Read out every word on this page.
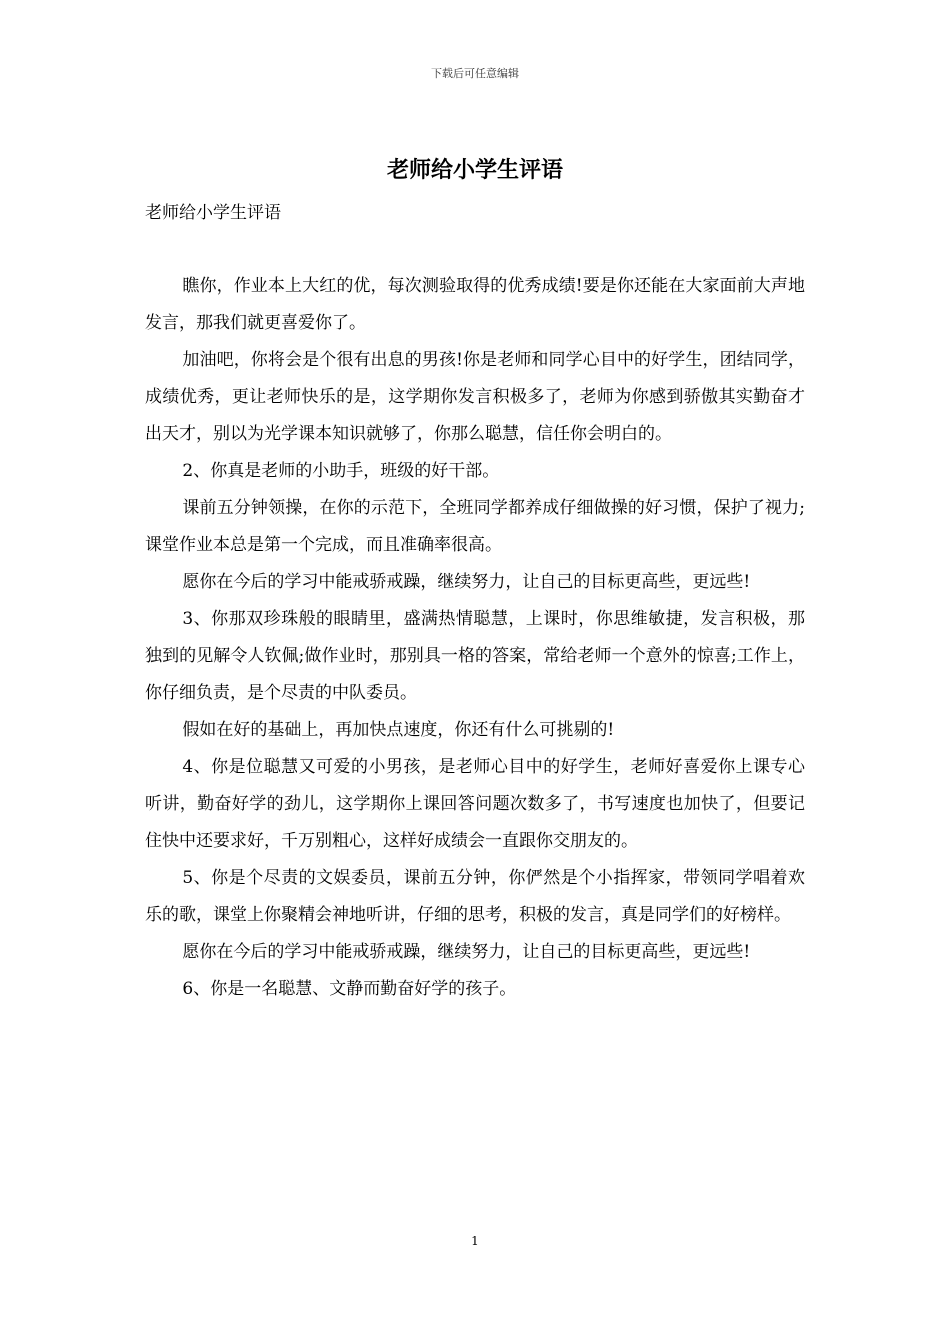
下载后可任意编辑
老师给小学生评语

老师给小学生评语

瞧你，作业本上大红的优，每次测验取得的优秀成绩!要是你还能在大家面前大声地发言，那我们就更喜爱你了。

加油吧，你将会是个很有出息的男孩!你是老师和同学心目中的好学生，团结同学，成绩优秀，更让老师快乐的是，这学期你发言积极多了，老师为你感到骄傲其实勤奋才出天才，别以为光学课本知识就够了，你那么聪慧，信任你会明白的。

2、你真是老师的小助手，班级的好干部。

课前五分钟领操，在你的示范下，全班同学都养成仔细做操的好习惯，保护了视力;课堂作业本总是第一个完成，而且准确率很高。

愿你在今后的学习中能戒骄戒躁，继续努力，让自己的目标更高些，更远些!

3、你那双珍珠般的眼睛里，盛满热情聪慧，上课时，你思维敏捷，发言积极，那独到的见解令人钦佩;做作业时，那别具一格的答案，常给老师一个意外的惊喜;工作上，你仔细负责，是个尽责的中队委员。

假如在好的基础上，再加快点速度，你还有什么可挑剔的!

4、你是位聪慧又可爱的小男孩，是老师心目中的好学生，老师好喜爱你上课专心听讲，勤奋好学的劲儿，这学期你上课回答问题次数多了，书写速度也加快了，但要记住快中还要求好，千万别粗心，这样好成绩会一直跟你交朋友的。

5、你是个尽责的文娱委员，课前五分钟，你俨然是个小指挥家，带领同学唱着欢乐的歌，课堂上你聚精会神地听讲，仔细的思考，积极的发言，真是同学们的好榜样。

愿你在今后的学习中能戒骄戒躁，继续努力，让自己的目标更高些，更远些!

6、你是一名聪慧、文静而勤奋好学的孩子。

1
